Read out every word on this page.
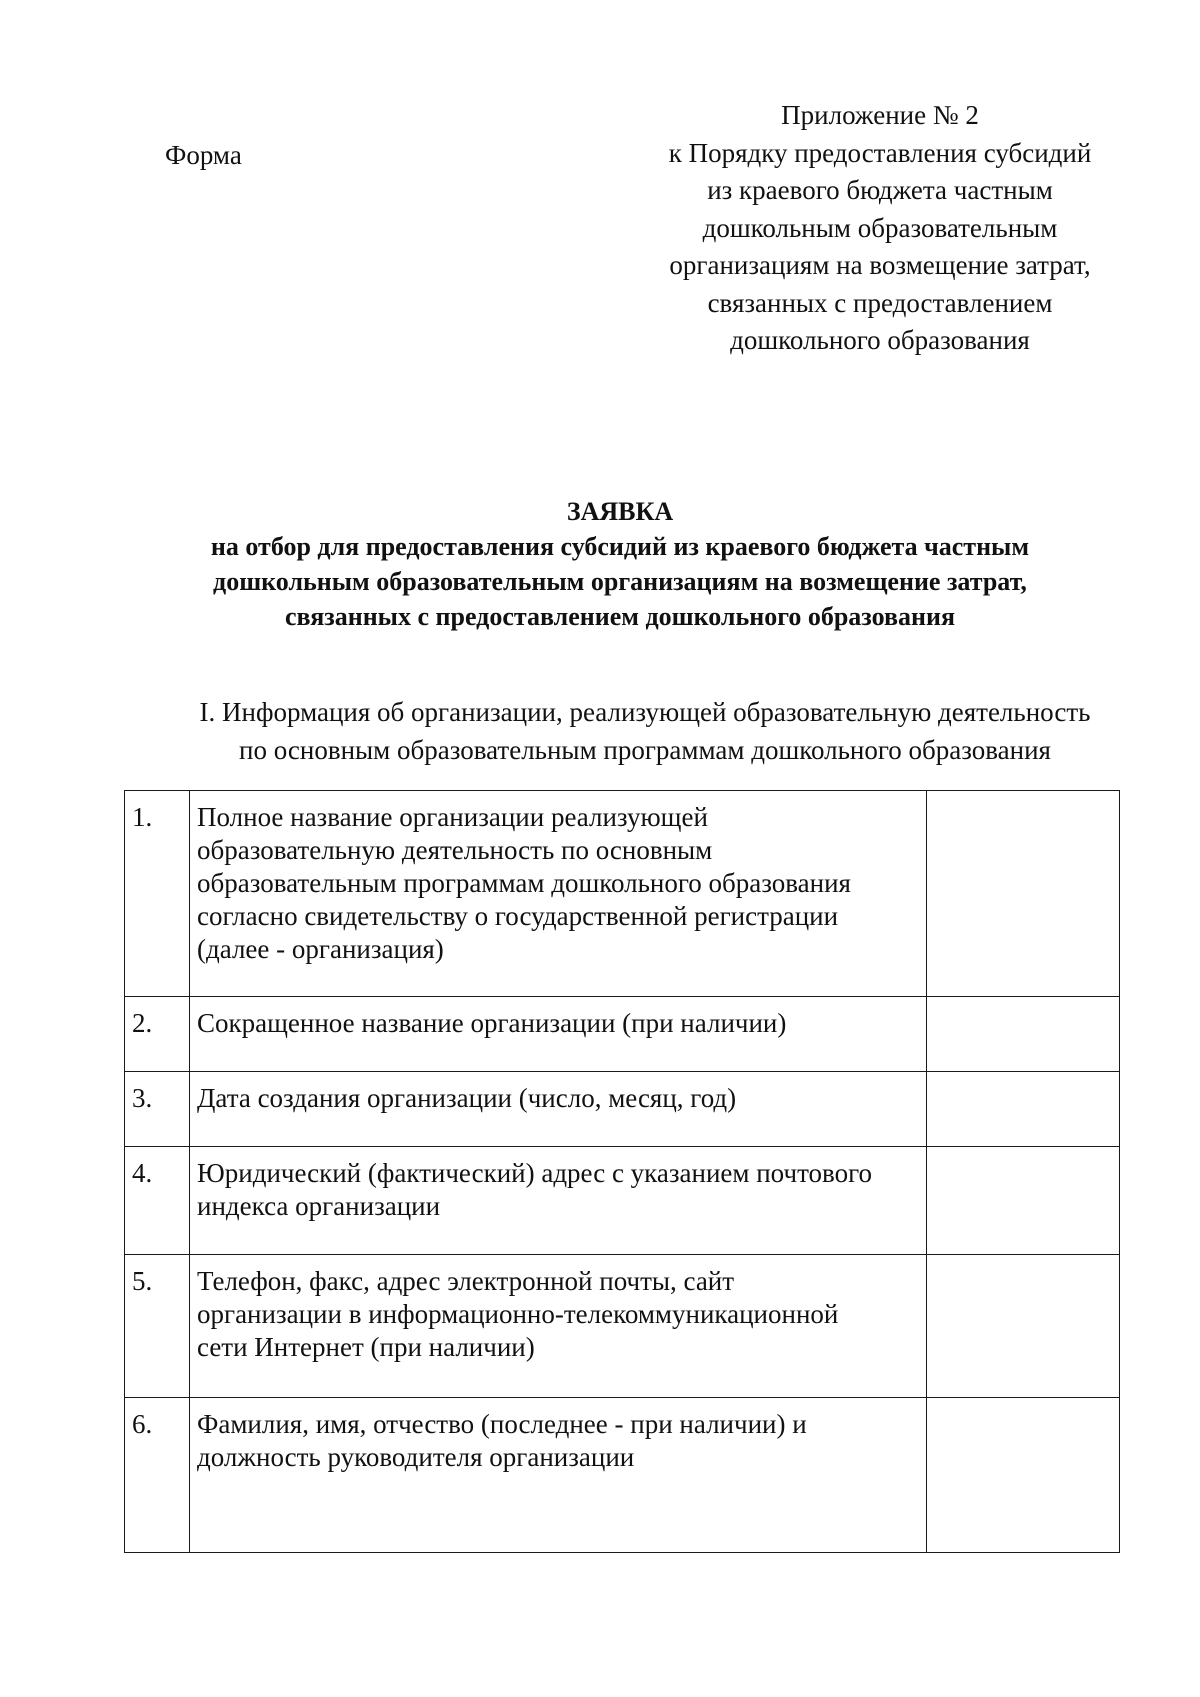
Форма
Приложение № 2
к Порядку предоставления субсидий
из краевого бюджета частным
дошкольным образовательным
организациям на возмещение затрат,
связанных с предоставлением
дошкольного образования
ЗАЯВКА
на отбор для предоставления субсидий из краевого бюджета частным
дошкольным образовательным организациям на возмещение затрат,
связанных с предоставлением дошкольного образования
I. Информация об организации, реализующей образовательную деятельность
по основным образовательным программам дошкольного образования
1.	Полное название организации реализующей
образовательную деятельность по основным
образовательным программам дошкольного образования
согласно свидетельству о государственной регистрации
(далее - организация)	

2.	Сокращенное название организации (при наличии)	

3.	Дата создания организации (число, месяц, год)	

4.	Юридический (фактический) адрес с указанием почтового
индекса организации	

5.	Телефон, факс, адрес электронной почты, сайт
организации в информационно-телекоммуникационной
сети Интернет (при наличии)	

6.	Фамилия, имя, отчество (последнее - при наличии) и
должность руководителя организации	
